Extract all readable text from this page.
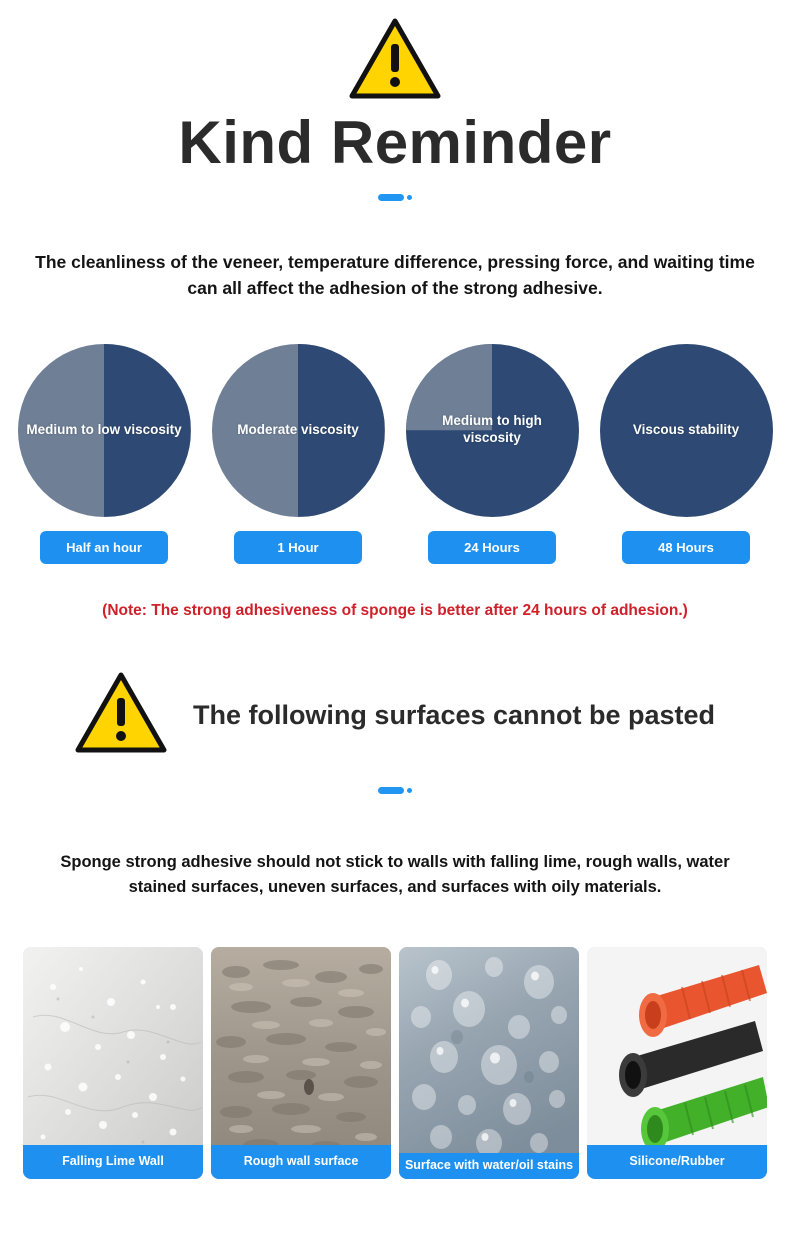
Kind Reminder
The cleanliness of the veneer, temperature difference, pressing force, and waiting time can all affect the adhesion of the strong adhesive.
Medium to low viscosity
Half an hour
Moderate viscosity
1 Hour
Medium to high viscosity
24 Hours
Viscous stability
48 Hours
(Note: The strong adhesiveness of sponge is better after 24 hours of adhesion.)
The following surfaces cannot be pasted
Sponge strong adhesive should not stick to walls with falling lime, rough walls, water stained surfaces, uneven surfaces, and surfaces with oily materials.
Falling Lime Wall	Rough wall surface	Surface with water/oil stains	Silicone/Rubber
